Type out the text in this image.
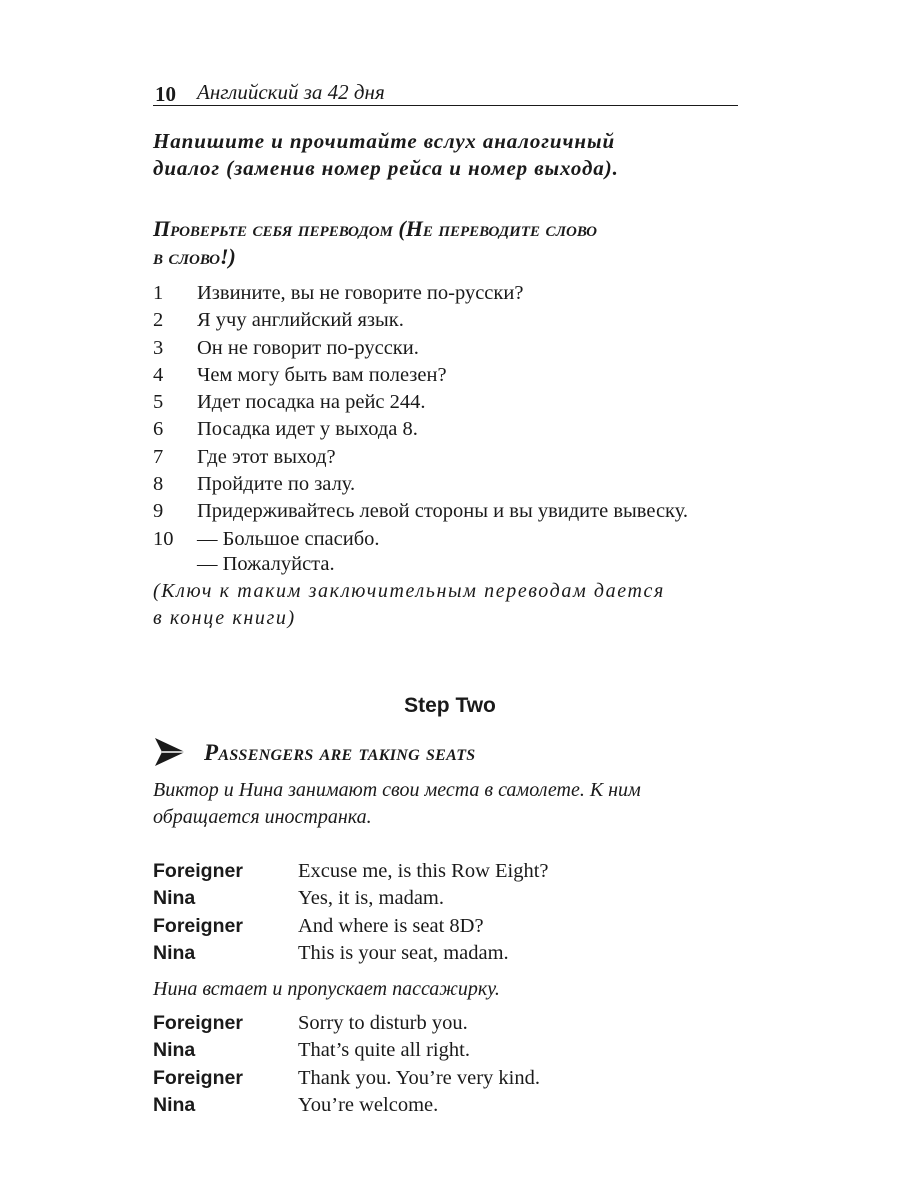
10 Английский за 42 дня
Напишите и прочитайте вслух аналогичный
диалог (заменив номер рейса и номер выхода).
Проверьте себя переводом (Не переводите слово
в слово!)
1 Извините, вы не говорите по-русски?
2 Я учу английский язык.
3 Он не говорит по-русски.
4 Чем могу быть вам полезен?
5 Идет посадка на рейс 244.
6 Посадка идет у выхода 8.
7 Где этот выход?
8 Пройдите по залу.
9 Придерживайтесь левой стороны и вы увидите вывеску.
10 — Большое спасибо.
— Пожалуйста.
(Ключ к таким заключительным переводам дается
в конце книги)
Step Two
Passengers are taking seats
Виктор и Нина занимают свои места в самолете. К ним
обращается иностранка.
Foreigner	Excuse me, is this Row Eight?
Nina	Yes, it is, madam.
Foreigner	And where is seat 8D?
Nina	This is your seat, madam.
Нина встает и пропускает пассажирку.
Foreigner	Sorry to disturb you.
Nina	That’s quite all right.
Foreigner	Thank you. You’re very kind.
Nina	You’re welcome.
